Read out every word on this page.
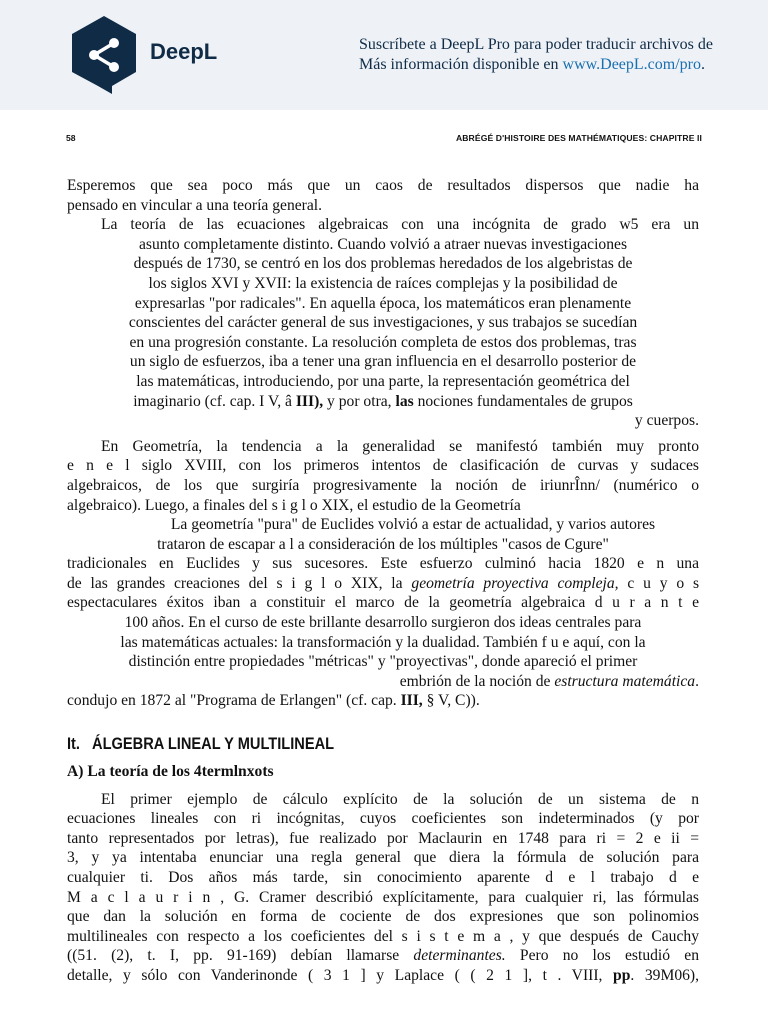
DeepL	Suscríbete a DeepL Pro para poder traducir archivos de
Más información disponible en www.DeepL.com/pro.
58	ABRÉGÉ D'HISTOIRE DES MATHÉMATIQUES: CHAPITRE II
Esperemos que sea poco más que un caos de resultados dispersos que nadie ha
pensado en vincular a una teoría general.
La teoría de las ecuaciones algebraicas con una incógnita de grado w5 era un
asunto completamente distinto. Cuando volvió a atraer nuevas investigaciones
después de 1730, se centró en los dos problemas heredados de los algebristas de
los siglos XVI y XVII: la existencia de raíces complejas y la posibilidad de
expresarlas "por radicales". En aquella época, los matemáticos eran plenamente
conscientes del carácter general de sus investigaciones, y sus trabajos se sucedían
en una progresión constante. La resolución completa de estos dos problemas, tras
un siglo de esfuerzos, iba a tener una gran influencia en el desarrollo posterior de
las matemáticas, introduciendo, por una parte, la representación geométrica del
imaginario (cf. cap. I V, â III), y por otra, las nociones fundamentales de grupos
y cuerpos.
En Geometría, la tendencia a la generalidad se manifestó también muy pronto
e n e l siglo XVIII, con los primeros intentos de clasificación de curvas y sudaces
algebraicos, de los que surgiría progresivamente la noción de iriunrÎnn/ (numérico o
algebraico). Luego, a finales del s i g l o XIX, el estudio de la Geometría
La geometría "pura" de Euclides volvió a estar de actualidad, y varios autores
trataron de escapar a l a consideración de los múltiples "casos de Cgure"
tradicionales en Euclides y sus sucesores. Este esfuerzo culminó hacia 1820 e n una
de las grandes creaciones del s i g l o XIX, la geometría proyectiva compleja, c u y o s
espectaculares éxitos iban a constituir el marco de la geometría algebraica d u r a n t e
100 años. En el curso de este brillante desarrollo surgieron dos ideas centrales para
las matemáticas actuales: la transformación y la dualidad. También f u e aquí, con la
distinción entre propiedades "métricas" y "proyectivas", donde apareció el primer
embrión de la noción de estructura matemática.
condujo en 1872 al "Programa de Erlangen" (cf. cap. III, § V, C)).
It. ÁLGEBRA LINEAL Y MULTILINEAL
A) La teoría de los 4termlnxots
El primer ejemplo de cálculo explícito de la solución de un sistema de n
ecuaciones lineales con ri incógnitas, cuyos coeficientes son indeterminados (y por
tanto representados por letras), fue realizado por Maclaurin en 1748 para ri = 2 e ii =
3, y ya intentaba enunciar una regla general que diera la fórmula de solución para
cualquier ti. Dos años más tarde, sin conocimiento aparente d e l trabajo d e
M a c l a u r i n , G. Cramer describió explícitamente, para cualquier ri, las fórmulas
que dan la solución en forma de cociente de dos expresiones que son polinomios
multilineales con respecto a los coeficientes del s i s t e m a , y que después de Cauchy
((51. (2), t. I, pp. 91-169) debían llamarse determinantes. Pero no los estudió en
detalle, y sólo con Vanderinonde ( 3 1 ] y Laplace ( ( 2 1 ], t . VIII, pp. 39M06),
